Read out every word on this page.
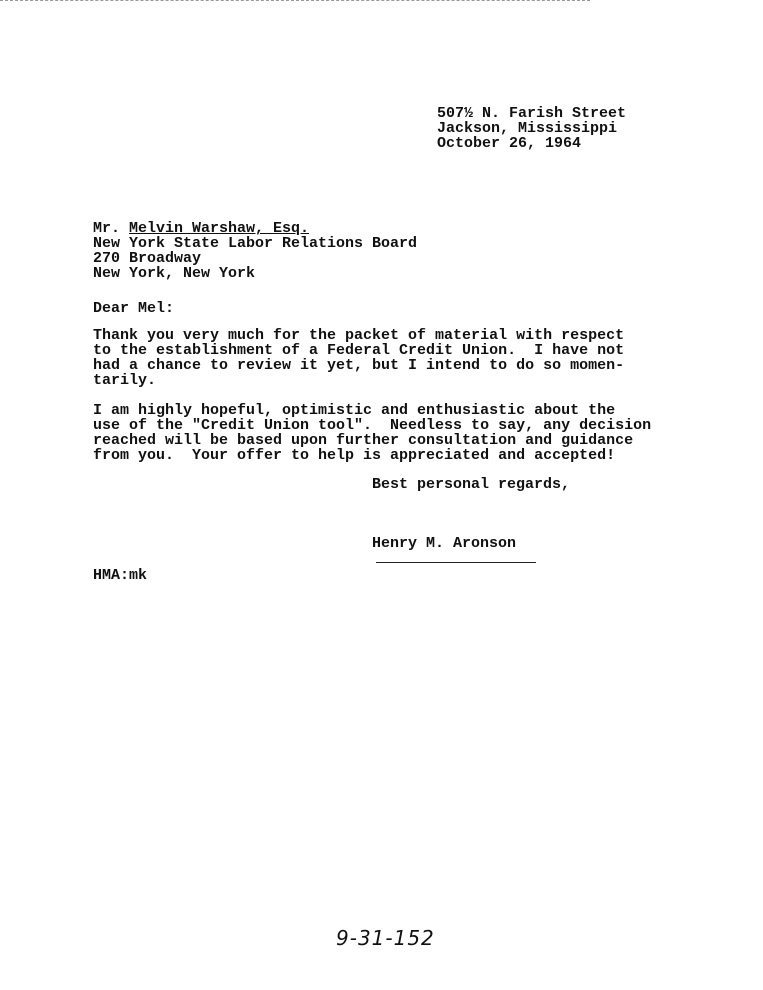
507½ N. Farish Street
Jackson, Mississippi
October 26, 1964
Mr. Melvin Warshaw, Esq.
New York State Labor Relations Board
270 Broadway
New York, New York
Dear Mel:
Thank you very much for the packet of material with respect
to the establishment of a Federal Credit Union.  I have not
had a chance to review it yet, but I intend to do so momen-
tarily.
I am highly hopeful, optimistic and enthusiastic about the
use of the "Credit Union tool".  Needless to say, any decision
reached will be based upon further consultation and guidance
from you.  Your offer to help is appreciated and accepted!
Best personal regards,
Henry M. Aronson
HMA:mk
9-31-152
